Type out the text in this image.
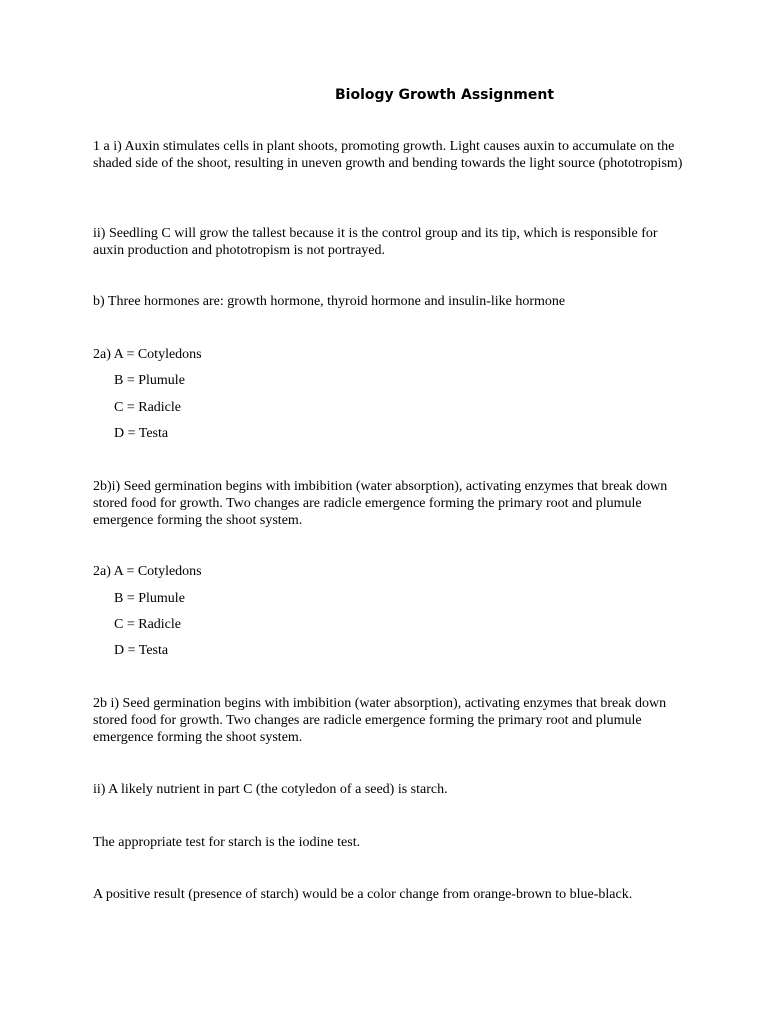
Biology Growth Assignment

1 a i) Auxin stimulates cells in plant shoots, promoting growth. Light causes auxin to accumulate on the shaded side of the shoot, resulting in uneven growth and bending towards the light source (phototropism)

ii) Seedling C will grow the tallest because it is the control group and its tip, which is responsible for auxin production and phototropism is not portrayed.

b) Three hormones are: growth hormone, thyroid hormone and insulin-like hormone

2a) A = Cotyledons

B = Plumule

C = Radicle

D = Testa

2b)i) Seed germination begins with imbibition (water absorption), activating enzymes that break down stored food for growth. Two changes are radicle emergence forming the primary root and plumule emergence forming the shoot system.

2a) A = Cotyledons

B = Plumule

C = Radicle

D = Testa

2b i) Seed germination begins with imbibition (water absorption), activating enzymes that break down stored food for growth. Two changes are radicle emergence forming the primary root and plumule emergence forming the shoot system.

ii) A likely nutrient in part C (the cotyledon of a seed) is starch.

The appropriate test for starch is the iodine test.

A positive result (presence of starch) would be a color change from orange-brown to blue-black.
